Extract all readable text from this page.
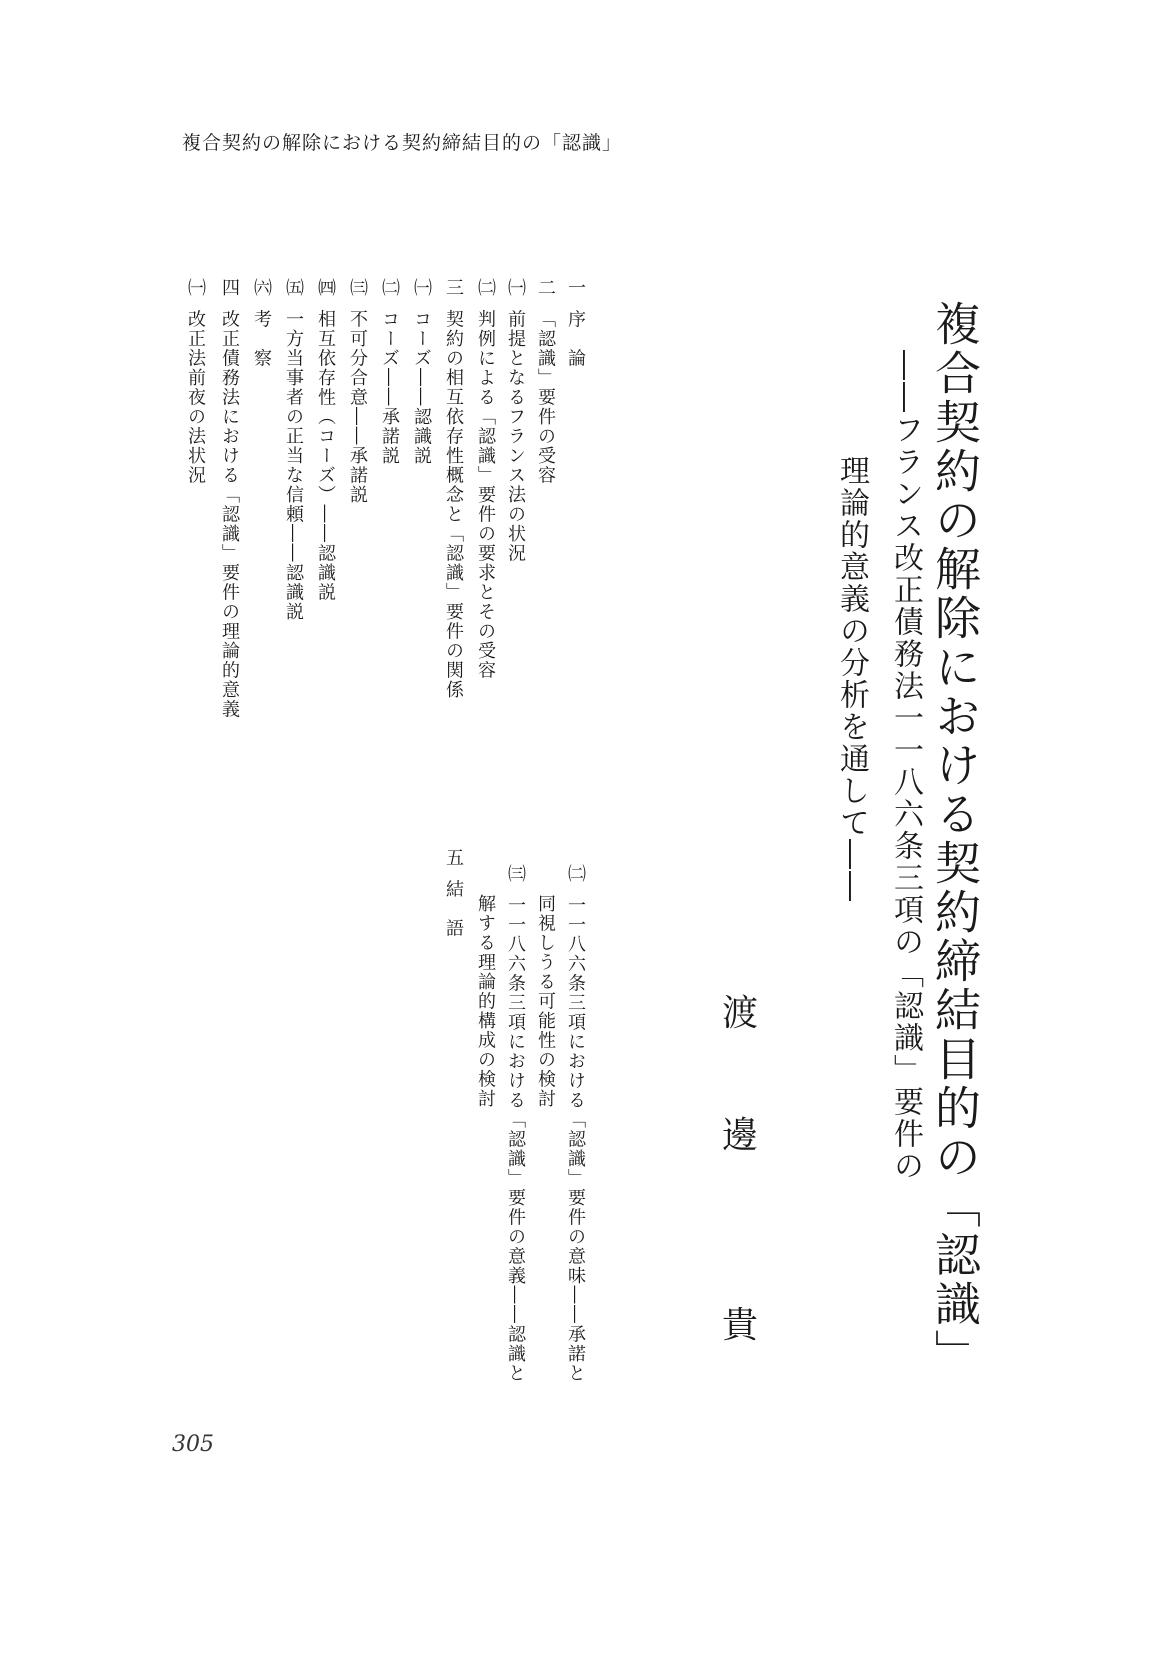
複合契約の解除における契約締結目的の「認識」
複合契約の解除における契約締結目的の「認識」
――フランス改正債務法一一八六条三項の「認識」要件の
理論的意義の分析を通して――
渡
邊
貴
一序　論
二「認識」要件の受容
㈠前提となるフランス法の状況
㈡判例による「認識」要件の要求とその受容
三契約の相互依存性概念と「認識」要件の関係
㈠コーズ――認識説
㈡コーズ――承諾説
㈢不可分合意――承諾説
㈣相互依存性（コーズ）――認識説
㈤一方当事者の正当な信頼――認識説
㈥考　察
四改正債務法における「認識」要件の理論的意義
㈠改正法前夜の法状況
㈡一一八六条三項における「認識」要件の意味――承諾と
同視しうる可能性の検討
㈢一一八六条三項における「認識」要件の意義――認識と
解する理論的構成の検討
五結　語
305
